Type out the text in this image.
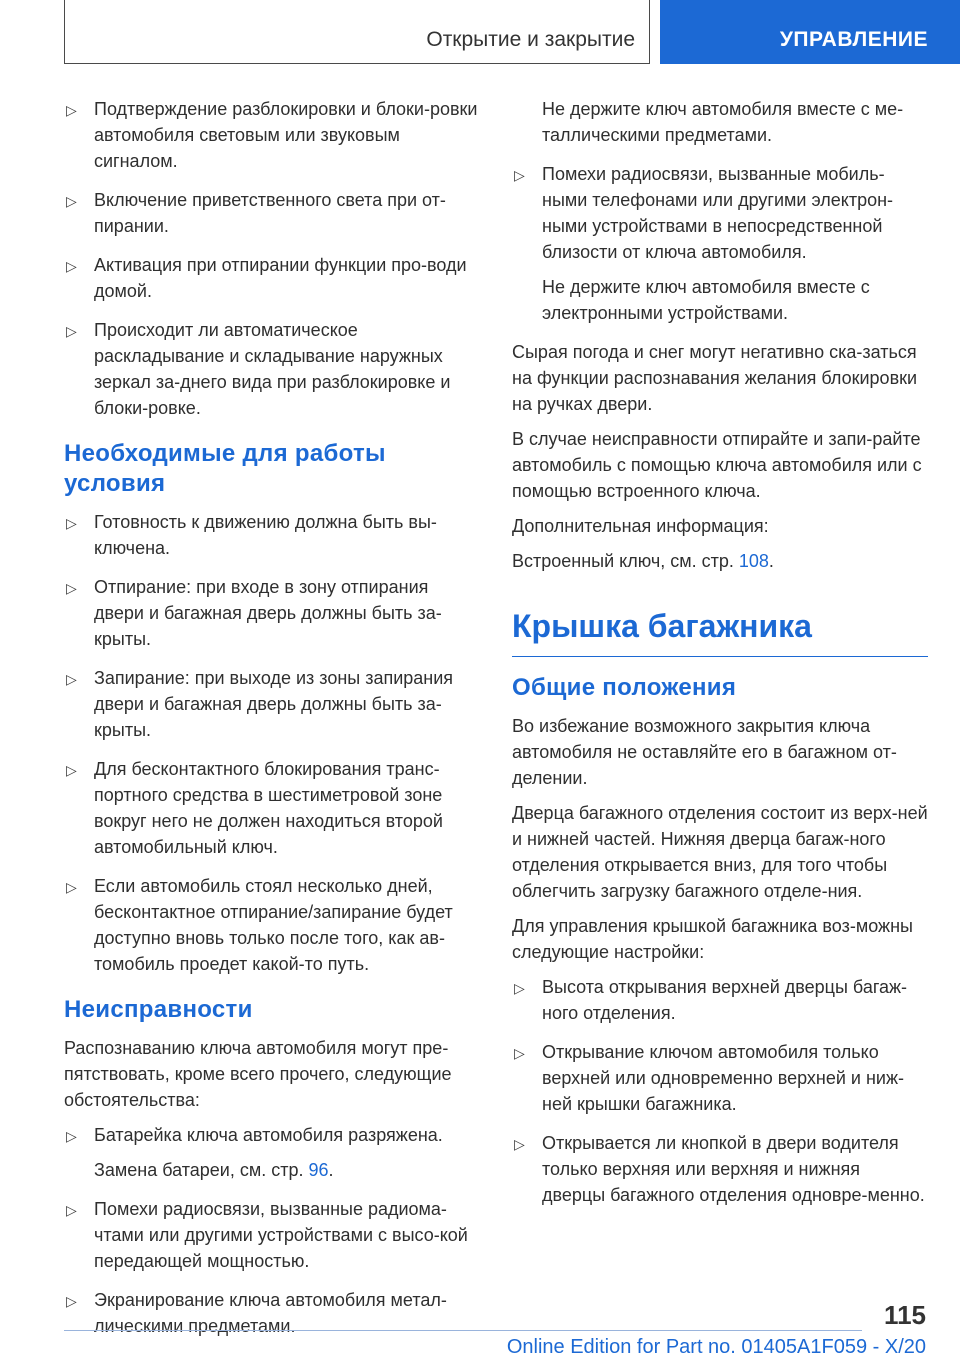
Открытие и закрытие	УПРАВЛЕНИЕ
▷ Подтверждение разблокировки и блоки-ровки автомобиля световым или звуковым сигналом.
▷ Включение приветственного света при от-пирании.
▷ Активация при отпирании функции про-води домой.
▷ Происходит ли автоматическое раскладывание и складывание наружных зеркал за-днего вида при разблокировке и блоки-ровке.
Необходимые для работы условия
▷ Готовность к движению должна быть вы-ключена.
▷ Отпирание: при входе в зону отпирания двери и багажная дверь должны быть за-крыты.
▷ Запирание: при выходе из зоны запирания двери и багажная дверь должны быть за-крыты.
▷ Для бесконтактного блокирования транс-портного средства в шестиметровой зоне вокруг него не должен находиться второй автомобильный ключ.
▷ Если автомобиль стоял несколько дней, бесконтактное отпирание/запирание будет доступно вновь только после того, как ав-томобиль проедет какой-то путь.
Неисправности

Распознаванию ключа автомобиля могут пре-пятствовать, кроме всего прочего, следующие обстоятельства:

▷ Батарейка ключа автомобиля разряжена.
Замена батареи, см. стр. 96.
▷ Помехи радиосвязи, вызванные радиома-чтами или другими устройствами с высо-кой передающей мощностью.
▷ Экранирование ключа автомобиля метал-лическими предметами.
Не держите ключ автомобиля вместе с ме-таллическими предметами.
▷ Помехи радиосвязи, вызванные мобиль-ными телефонами или другими электрон-ными устройствами в непосредственной близости от ключа автомобиля.
Не держите ключ автомобиля вместе с электронными устройствами.

Сырая погода и снег могут негативно ска-заться на функции распознавания желания блокировки на ручках двери.

В случае неисправности отпирайте и запи-райте автомобиль с помощью ключа автомобиля или с помощью встроенного ключа.

Дополнительная информация:

Встроенный ключ, см. стр. 108.

Крышка багажника
Общие положения

Во избежание возможного закрытия ключа автомобиля не оставляйте его в багажном от-делении.

Дверца багажного отделения состоит из верх-ней и нижней частей. Нижняя дверца багаж-ного отделения открывается вниз, для того чтобы облегчить загрузку багажного отделе-ния.

Для управления крышкой багажника воз-можны следующие настройки:

▷ Высота открывания верхней дверцы багаж-ного отделения.
▷ Открывание ключом автомобиля только верхней или одновременно верхней и ниж-ней крышки багажника.
▷ Открывается ли кнопкой в двери водителя только верхняя или верхняя и нижняя дверцы багажного отделения одновре-менно.
115
Online Edition for Part no. 01405A1F059 - X/20
